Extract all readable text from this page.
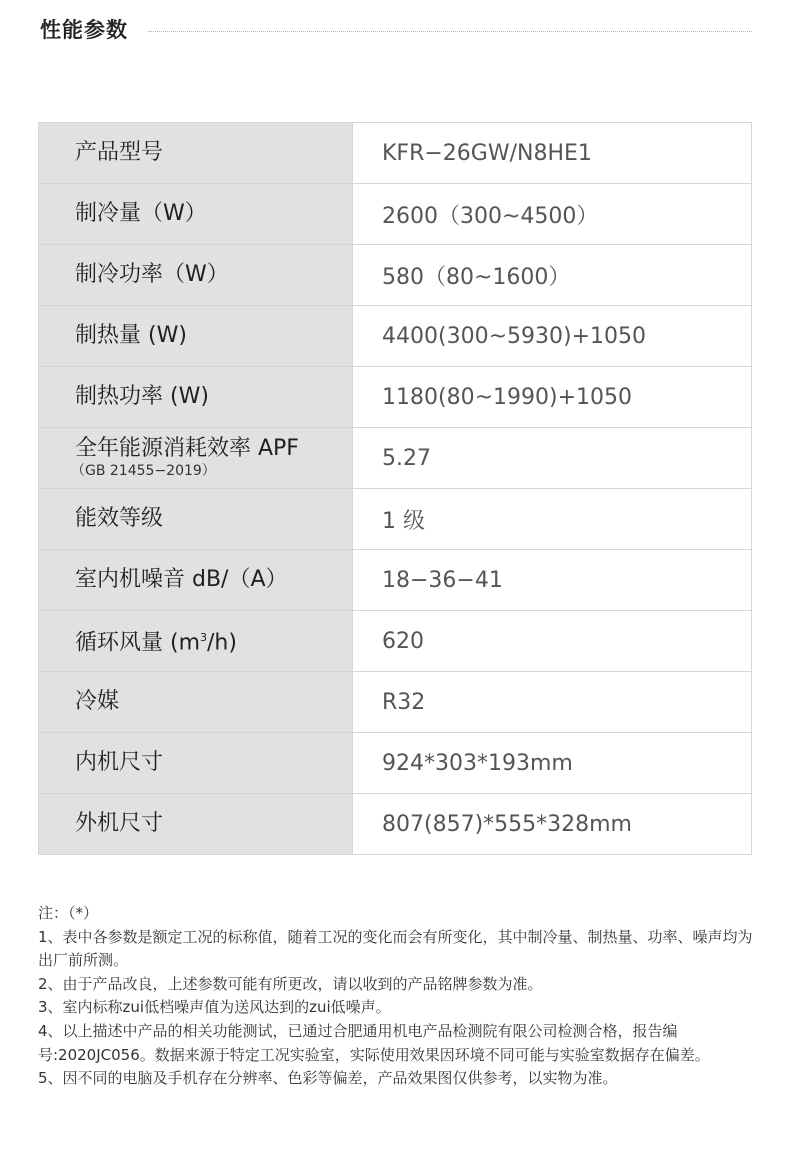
性能参数
产品型号	KFR−26GW/N8HE1

制冷量（W）	2600（300~4500）

制冷功率（W）	580（80~1600）

制热量 (W)	4400(300~5930)+1050

制热功率 (W)	1180(80~1990)+1050

全年能源消耗效率 APF
（GB 21455−2019）	5.27

能效等级	1 级

室内机噪音 dB/（A）	18−36−41

循环风量 $(m^3/h)$	620

冷媒	R32

内机尺寸	924*303*193mm

外机尺寸	807(857)*555*328mm

注：（*）

1、表中各参数是额定工况的标称值，随着工况的变化而会有所变化，其中制冷量、制热量、功率、噪声均为出厂前所测。

2、由于产品改良，上述参数可能有所更改，请以收到的产品铭牌参数为准。

3、室内标称zui低档噪声值为送风达到的zui低噪声。

4、以上描述中产品的相关功能测试，已通过合肥通用机电产品检测院有限公司检测合格，报告编号:2020JC056。数据来源于特定工况实验室，实际使用效果因环境不同可能与实验室数据存在偏差。

5、因不同的电脑及手机存在分辨率、色彩等偏差，产品效果图仅供参考，以实物为准。
